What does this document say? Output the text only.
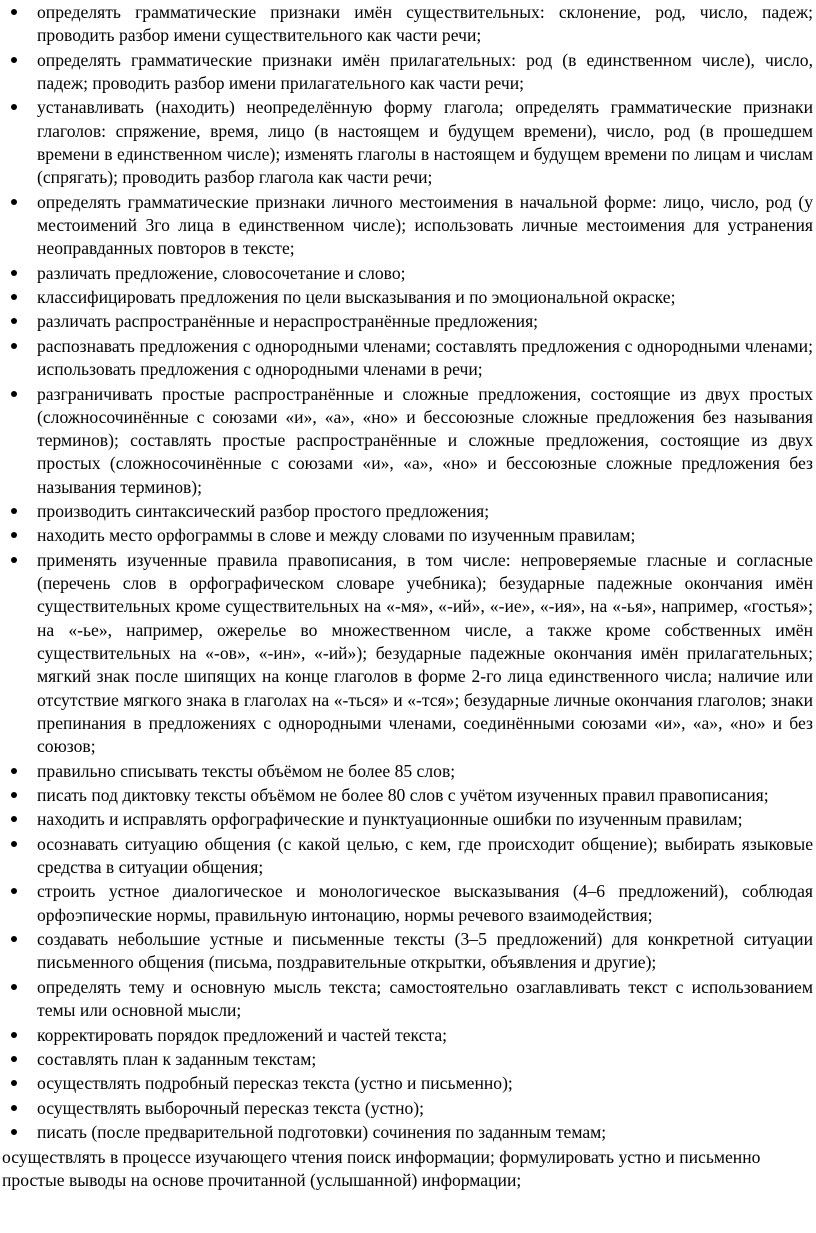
определять грамматические признаки имён существительных: склонение, род, число, падеж; проводить разбор имени существительного как части речи;
определять грамматические признаки имён прилагательных: род (в единственном числе), число, падеж; проводить разбор имени прилагательного как части речи;
устанавливать (находить) неопределённую форму глагола; определять грамматические признаки глаголов: спряжение, время, лицо (в настоящем и будущем времени), число, род (в прошедшем времени в единственном числе); изменять глаголы в настоящем и будущем времени по лицам и числам (спрягать); проводить разбор глагола как части речи;
определять грамматические признаки личного местоимения в начальной форме: лицо, число, род (у местоимений 3го лица в единственном числе); использовать личные местоимения для устранения неоправданных повторов в тексте;
различать предложение, словосочетание и слово;
классифицировать предложения по цели высказывания и по эмоциональной окраске;
различать распространённые и нераспространённые предложения;
распознавать предложения с однородными членами; составлять предложения с однородными членами; использовать предложения с однородными членами в речи;
разграничивать простые распространённые и сложные предложения, состоящие из двух простых (сложносочинённые с союзами «и», «а», «но» и бессоюзные сложные предложения без называния терминов); составлять простые распространённые и сложные предложения, состоящие из двух простых (сложносочинённые с союзами «и», «а», «но» и бессоюзные сложные предложения без называния терминов);
производить синтаксический разбор простого предложения;
находить место орфограммы в слове и между словами по изученным правилам;
применять изученные правила правописания, в том числе: непроверяемые гласные и согласные (перечень слов в орфографическом словаре учебника); безударные падежные окончания имён существительных кроме существительных на «-мя», «-ий», «-ие», «-ия», на «-ья», например, «гостья»; на «-ье», например, ожерелье во множественном числе, а также кроме собственных имён существительных на «-ов», «-ин», «-ий»); безударные падежные окончания имён прилагательных; мягкий знак после шипящих на конце глаголов в форме 2-го лица единственного числа; наличие или отсутствие мягкого знака в глаголах на «-ться» и «-тся»; безударные личные окончания глаголов; знаки препинания в предложениях с однородными членами, соединёнными союзами «и», «а», «но» и без союзов;
правильно списывать тексты объёмом не более 85 слов;
писать под диктовку тексты объёмом не более 80 слов с учётом изученных правил правописания;
находить и исправлять орфографические и пунктуационные ошибки по изученным правилам;
осознавать ситуацию общения (с какой целью, с кем, где происходит общение); выбирать языковые средства в ситуации общения;
строить устное диалогическое и монологическое высказывания (4–6 предложений), соблюдая орфоэпические нормы, правильную интонацию, нормы речевого взаимодействия;
создавать небольшие устные и письменные тексты (3–5 предложений) для конкретной ситуации письменного общения (письма, поздравительные открытки, объявления и другие);
определять тему и основную мысль текста; самостоятельно озаглавливать текст с использованием темы или основной мысли;
корректировать порядок предложений и частей текста;
составлять план к заданным текстам;
осуществлять подробный пересказ текста (устно и письменно);
осуществлять выборочный пересказ текста (устно);
писать (после предварительной подготовки) сочинения по заданным темам;

осуществлять в процессе изучающего чтения поиск информации; формулировать устно и письменно простые выводы на основе прочитанной (услышанной) информации;
